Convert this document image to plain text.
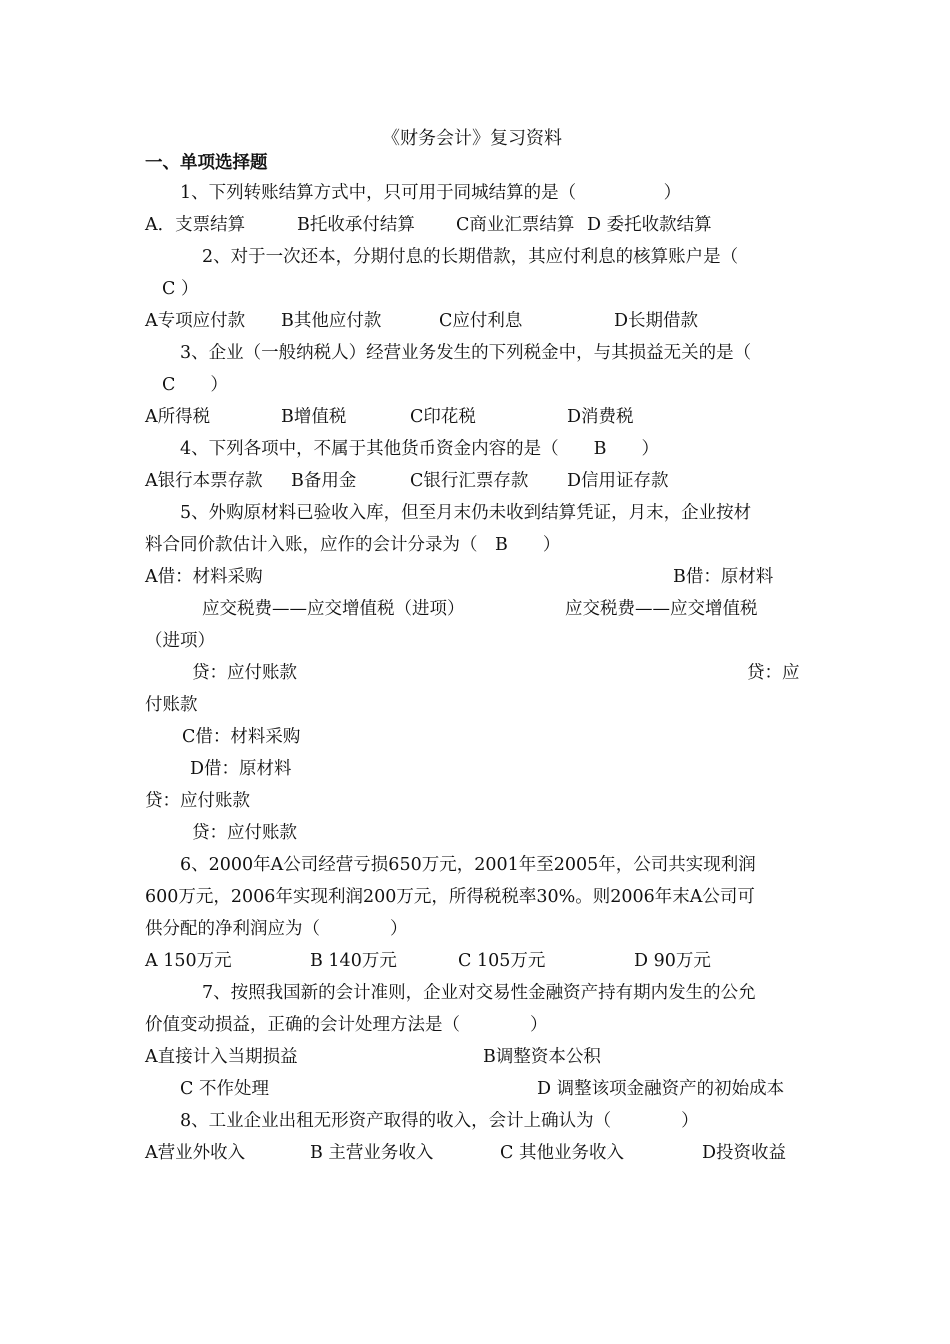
《财务会计》复习资料
一、单项选择题
1、下列转账结算方式中，只可用于同城结算的是（　　　　　）
A．支票结算	B托收承付结算 C商业汇票结算 D 委托收款结算
2、对于一次还本，分期付息的长期借款，其应付利息的核算账户是（
C ）
A专项应付款 B其他应付款	C应付利息	D长期借款
3、企业（一般纳税人）经营业务发生的下列税金中，与其损益无关的是（
C　　）
A所得税	B增值税	C印花税	D消费税
4、下列各项中，不属于其他货币资金内容的是（　　B　　）
A银行本票存款 B备用金	C银行汇票存款 D信用证存款
5、外购原材料已验收入库，但至月末仍未收到结算凭证，月末，企业按材
料合同价款估计入账，应作的会计分录为（　B　　）
A借：材料采购	B借：原材料
应交税费——应交增值税（进项）	应交税费——应交增值税
（进项）
贷：应付账款	贷：应
付账款
C借：材料采购
D借：原材料
贷：应付账款
贷：应付账款
6、2000年A公司经营亏损650万元，2001年至2005年，公司共实现利润
600万元，2006年实现利润200万元，所得税税率30%。则2006年末A公司可
供分配的净利润应为（　　　　）
A 150万元	B 140万元	C 105万元	D 90万元
7、按照我国新的会计准则，企业对交易性金融资产持有期内发生的公允
价值变动损益，正确的会计处理方法是（　　　　）
A直接计入当期损益	B调整资本公积
C 不作处理	D 调整该项金融资产的初始成本
8、工业企业出租无形资产取得的收入，会计上确认为（　　　　）
A营业外收入	B 主营业务收入	C 其他业务收入	D投资收益
